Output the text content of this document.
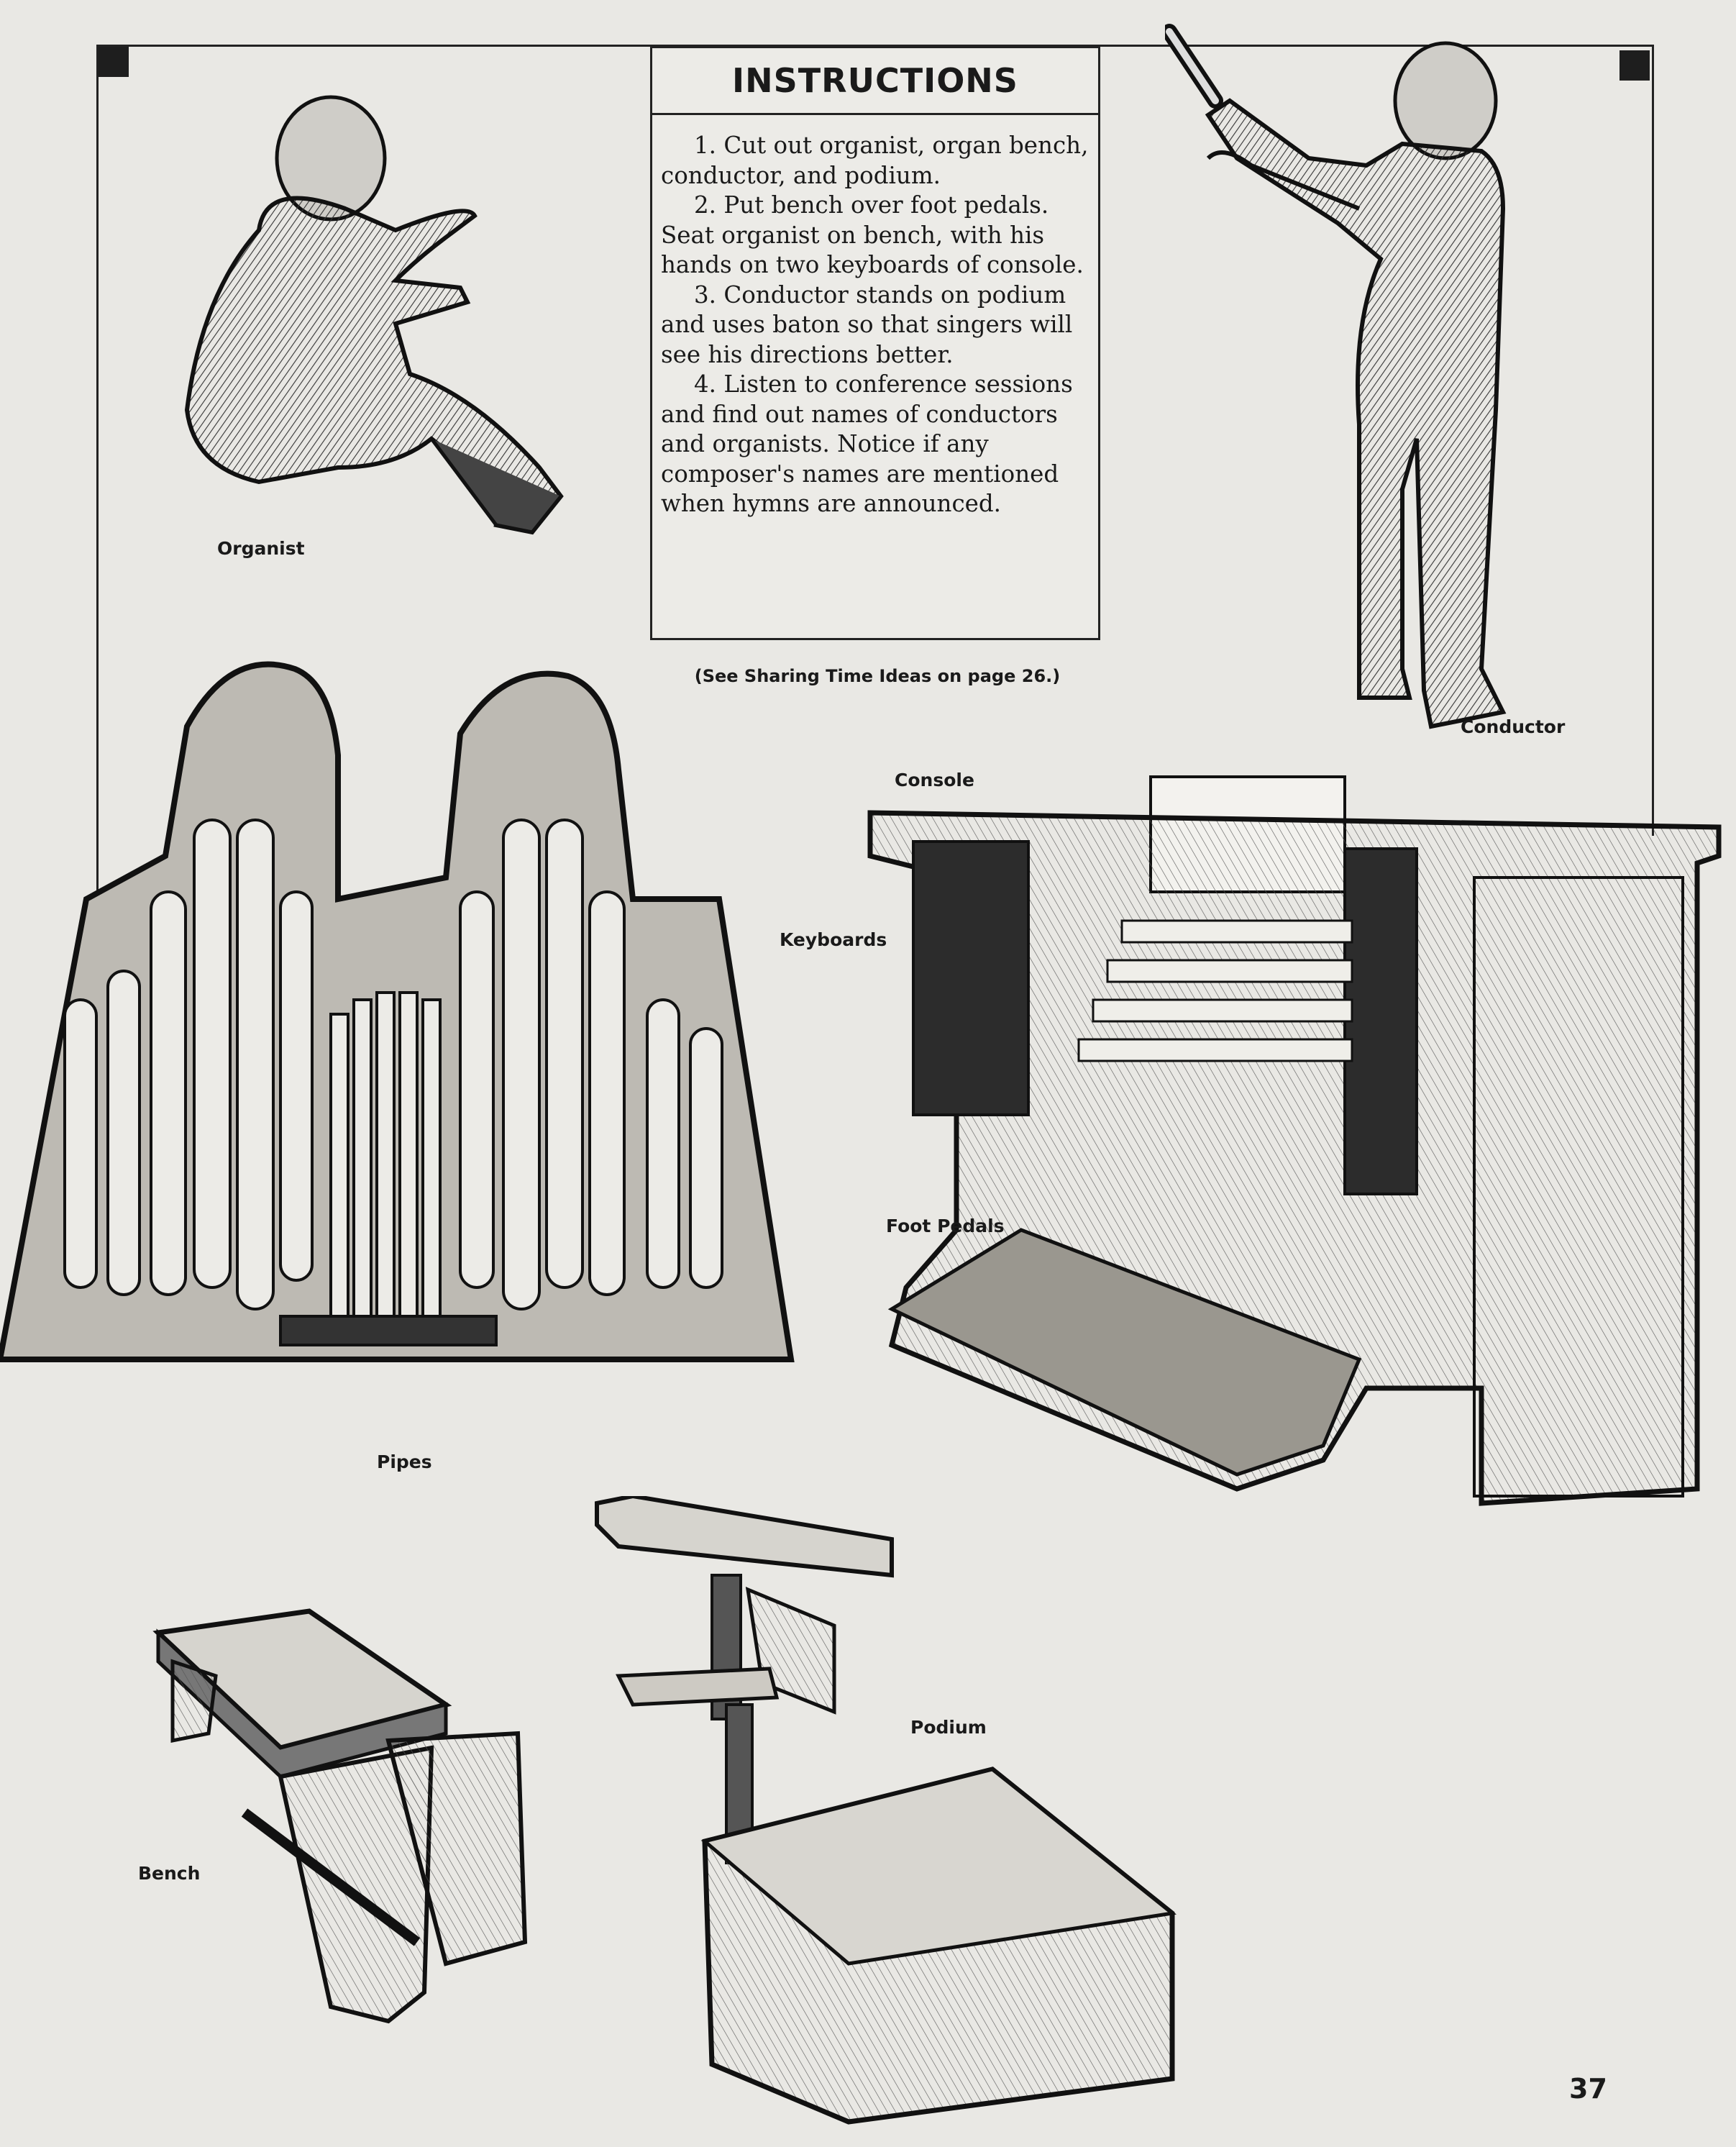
INSTRUCTIONS

1. Cut out organist, organ bench, conductor, and podium.

2. Put bench over foot pedals. Seat organist on bench, with his hands on two keyboards of console.

3. Conductor stands on podium and uses baton so that singers will see his directions better.

4. Listen to conference sessions and find out names of conductors and organists. Notice if any composer's names are mentioned when hymns are announced.

(See Sharing Time Ideas on page 26.)
Organist
Conductor
Pipes
Console
Keyboards
Foot Pedals
Podium
Bench
37
